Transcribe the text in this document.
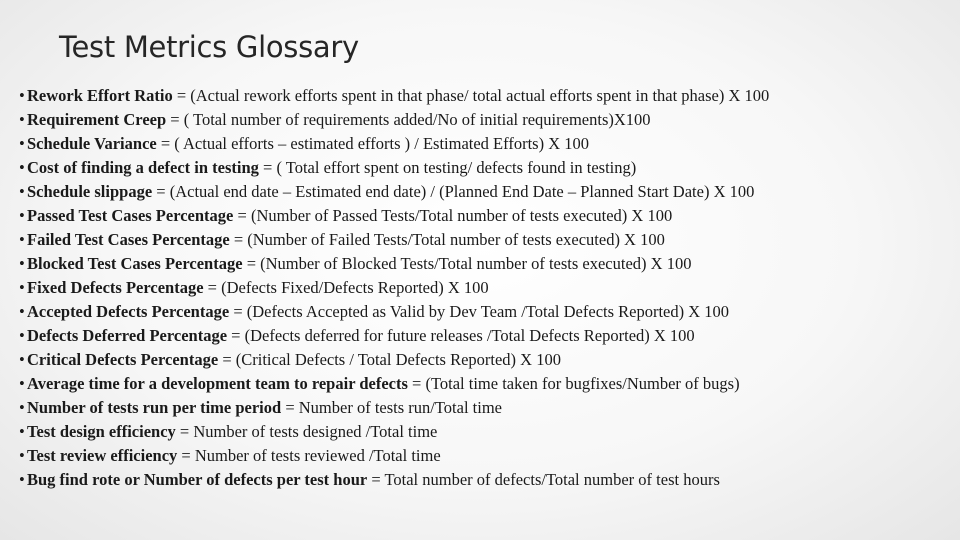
Test Metrics Glossary
• Rework Effort Ratio = (Actual rework efforts spent in that phase/ total actual efforts spent in that phase) X 100
• Requirement Creep = ( Total number of requirements added/No of initial requirements)X100
• Schedule Variance = ( Actual efforts – estimated efforts ) / Estimated Efforts) X 100
• Cost of finding a defect in testing = ( Total effort spent on testing/ defects found in testing)
• Schedule slippage = (Actual end date – Estimated end date) / (Planned End Date – Planned Start Date) X 100
• Passed Test Cases Percentage = (Number of Passed Tests/Total number of tests executed) X 100
• Failed Test Cases Percentage = (Number of Failed Tests/Total number of tests executed) X 100
• Blocked Test Cases Percentage = (Number of Blocked Tests/Total number of tests executed) X 100
• Fixed Defects Percentage = (Defects Fixed/Defects Reported) X 100
• Accepted Defects Percentage = (Defects Accepted as Valid by Dev Team /Total Defects Reported) X 100
• Defects Deferred Percentage = (Defects deferred for future releases /Total Defects Reported) X 100
• Critical Defects Percentage = (Critical Defects / Total Defects Reported) X 100
• Average time for a development team to repair defects = (Total time taken for bugfixes/Number of bugs)
• Number of tests run per time period = Number of tests run/Total time
• Test design efficiency = Number of tests designed /Total time
• Test review efficiency = Number of tests reviewed /Total time
• Bug find rote or Number of defects per test hour = Total number of defects/Total number of test hours
